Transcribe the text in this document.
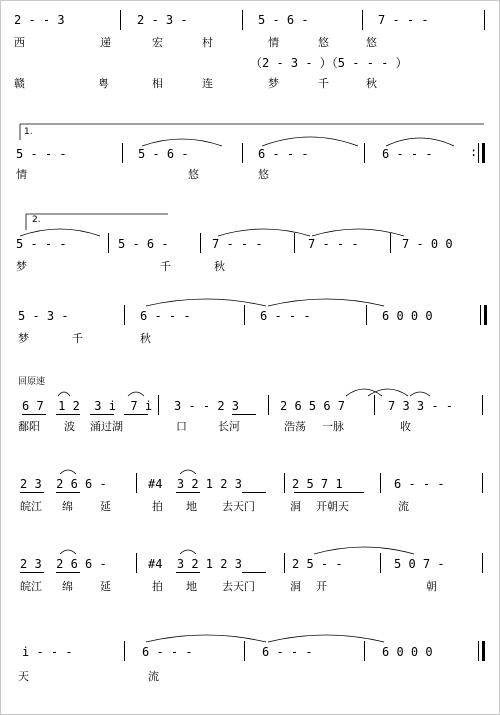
2 - - 3	2 - 3 -	5 - 6 -	7 - - -
西	递	宏	村	情	悠	悠
（2 - 3 - ）（5 - - - ）
赣	粤	相	连	梦	千	秋
1.
5 - - -	5 - 6 -	6 - - -	6 - - -	:
情	悠	悠
2.
5 - - -	5 - 6 -	7 - - -	7 - - -	7 - 0 0
梦	千	秋
5 - 3 -	6 - - -	6 - - -	6 0 0 0
梦	千	秋
回原速
6 7  1 2  3 i  7 i 3 - - 2 3	2 6 5 6 7	7 3 3 - -
鄱阳 波 涌过湖	口	长河	浩荡 一脉	收
2 3  2 6 6 -	#4  3 2 1 2 3	2 5 7 1	6 - - -
皖江 绵 延	拍 地 去天门	洞 开朝天	流
2 3  2 6 6 -	#4  3 2 1 2 3	2 5 - -	5 0 7 -
皖江 绵 延	拍 地 去天门	洞 开	朝
i - - -	6 - - -	6 - - -	6 0 0 0
天	流
